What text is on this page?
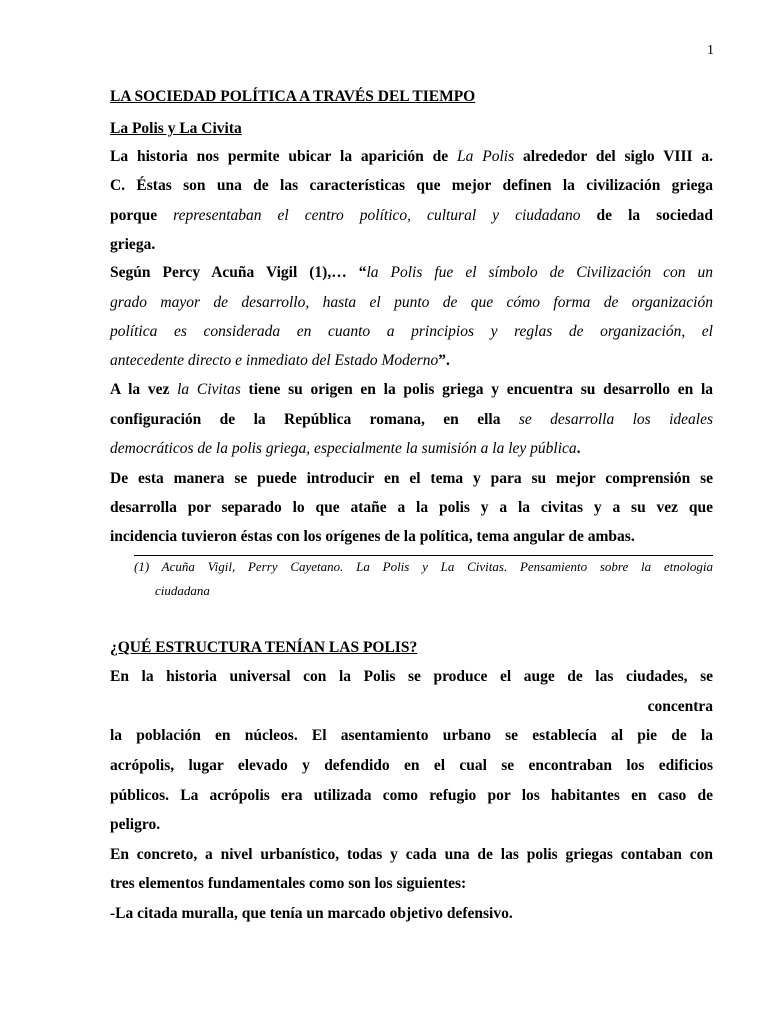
1
LA SOCIEDAD POLÍTICA A TRAVÉS DEL TIEMPO
La Polis y La Civita
La historia nos permite ubicar la aparición de La Polis alrededor del siglo VIII a.
C. Éstas son una de las características que mejor definen la civilización griega
porque representaban el centro político, cultural y ciudadano de la sociedad
griega.
Según Percy Acuña Vigil (1),… “la Polis fue el símbolo de Civilización con un
grado mayor de desarrollo, hasta el punto de que cómo forma de organización
política es considerada en cuanto a principios y reglas de organización, el
antecedente directo e inmediato del Estado Moderno”.
A la vez la Civitas tiene su origen en la polis griega y encuentra su desarrollo en la
configuración de la República romana, en ella se desarrolla los ideales
democráticos de la polis griega, especialmente la sumisión a la ley pública.
De esta manera se puede introducir en el tema y para su mejor comprensión se
desarrolla por separado lo que atañe a la polis y a la civitas y a su vez que
incidencia tuvieron éstas con los orígenes de la política, tema angular de ambas.
(1) Acuña Vigil, Perry Cayetano. La Polis y La Civitas. Pensamiento sobre la etnologia
ciudadana
¿QUÉ ESTRUCTURA TENÍAN LAS POLIS?
En la historia universal con la Polis se produce el auge de las ciudades, se
concentra
la población en núcleos. El asentamiento urbano se establecía al pie de la
acrópolis, lugar elevado y defendido en el cual se encontraban los edificios
públicos. La acrópolis era utilizada como refugio por los habitantes en caso de
peligro.
En concreto, a nivel urbanístico, todas y cada una de las polis griegas contaban con
tres elementos fundamentales como son los siguientes:
-La citada muralla, que tenía un marcado objetivo defensivo.
